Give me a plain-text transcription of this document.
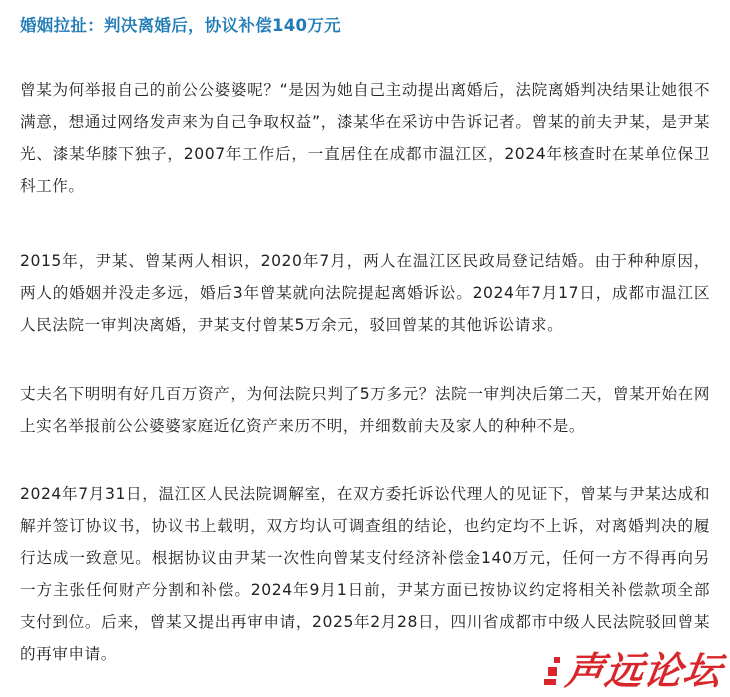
婚姻拉扯：判决离婚后，协议补偿140万元

曾某为何举报自己的前公公婆婆呢？“是因为她自己主动提出离婚后，法院离婚判决结果让她很不满意，想通过网络发声来为自己争取权益”，漆某华在采访中告诉记者。曾某的前夫尹某，是尹某光、漆某华膝下独子，2007年工作后，一直居住在成都市温江区，2024年核查时在某单位保卫科工作。

2015年，尹某、曾某两人相识，2020年7月，两人在温江区民政局登记结婚。由于种种原因，两人的婚姻并没走多远，婚后3年曾某就向法院提起离婚诉讼。2024年7月17日，成都市温江区人民法院一审判决离婚，尹某支付曾某5万余元，驳回曾某的其他诉讼请求。

丈夫名下明明有好几百万资产，为何法院只判了5万多元？法院一审判决后第二天，曾某开始在网上实名举报前公公婆婆家庭近亿资产来历不明，并细数前夫及家人的种种不是。

2024年7月31日，温江区人民法院调解室，在双方委托诉讼代理人的见证下，曾某与尹某达成和解并签订协议书，协议书上载明，双方均认可调查组的结论，也约定均不上诉，对离婚判决的履行达成一致意见。根据协议由尹某一次性向曾某支付经济补偿金140万元，任何一方不得再向另一方主张任何财产分割和补偿。2024年9月1日前，尹某方面已按协议约定将相关补偿款项全部支付到位。后来，曾某又提出再审申请，2025年2月28日，四川省成都市中级人民法院驳回曾某的再审申请。	声远论坛
